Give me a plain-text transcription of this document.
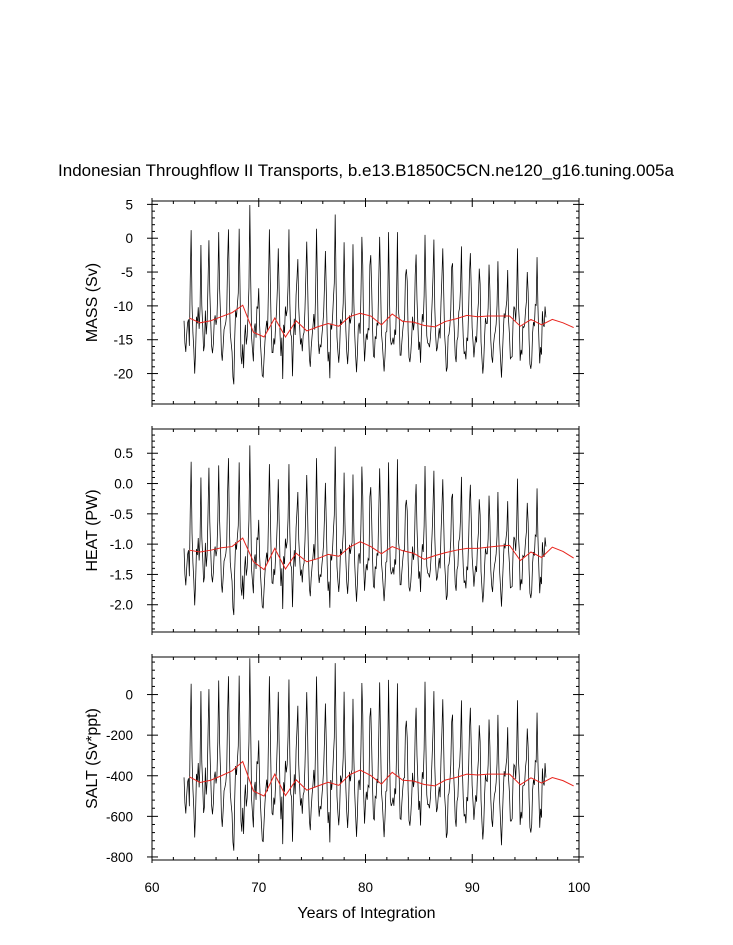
Indonesian Throughflow II Transports, b.e13.B1850C5CN.ne120_g16.tuning.005a
5
0
-5
-10
-15
-20
MASS (Sv)
0.5
0.0
-0.5
-1.0
-1.5
-2.0
HEAT (PW)
0
-200
-400
-600
-800
SALT (Sv*ppt)
60	70	80	90	100
Years of Integration
